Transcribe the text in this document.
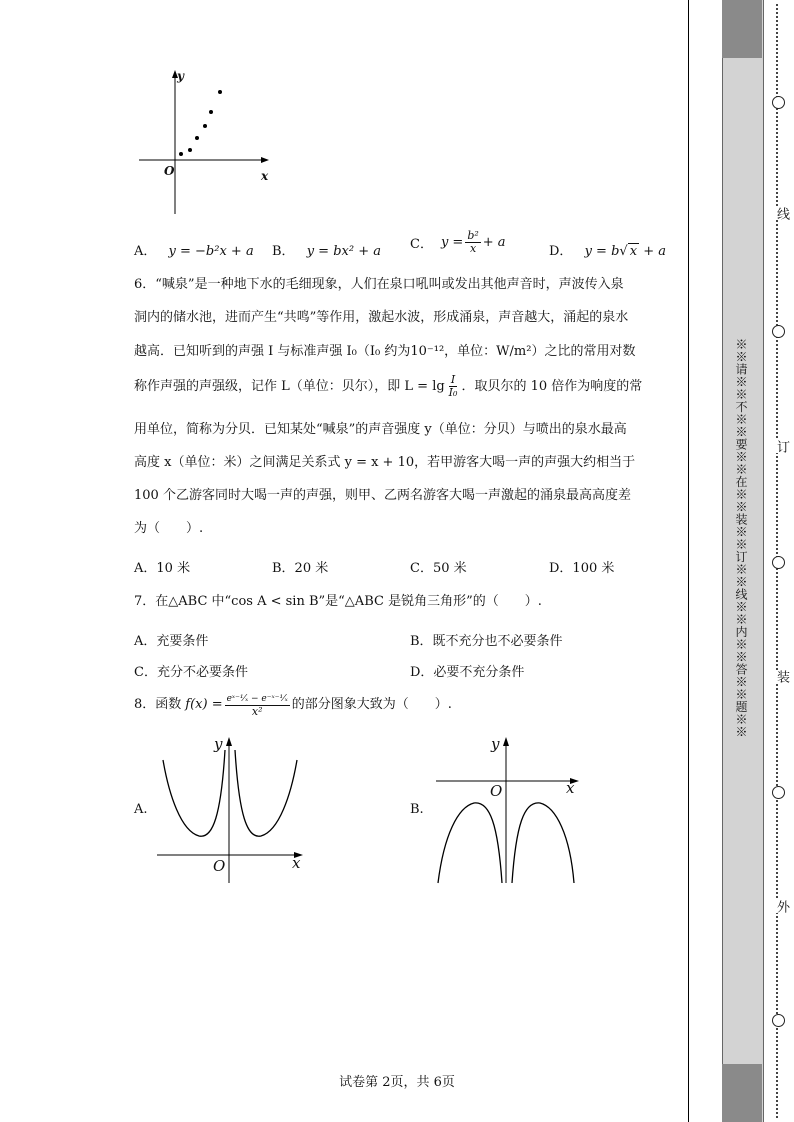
y
x
O
A． y = −b²x + a B． y = bx² + a C． $y = \frac{\text{b²}}{x} + a$
D． y = b√ x + a
6．“喊泉”是一种地下水的毛细现象，人们在泉口吼叫或发出其他声音时，声波传入泉
洞内的储水池，进而产生“共鸣”等作用，激起水波，形成涌泉，声音越大，涌起的泉水
越高．已知听到的声强 I 与标准声强 I₀（I₀ 约为10⁻¹²，单位：W/m²）之比的常用对数
称作声强的声强级，记作 L（单位：贝尔），即 $L = \lg \frac{I}{\text{I₀}}$ ．取贝尔的 10 倍作为响度的常
用单位，简称为分贝．已知某处“喊泉”的声音强度 y（单位：分贝）与喷出的泉水最高
高度 x（单位：米）之间满足关系式 y = x + 10，若甲游客大喝一声的声强大约相当于
100 个乙游客同时大喝一声的声强，则甲、乙两名游客大喝一声激起的涌泉最高高度差
为（　　）.
A．10 米	B．20 米	C．50 米	D．100 米
7．在△ABC 中“cos A < sin B”是“△ABC 是锐角三角形”的（　　）.
A．充要条件	B．既不充分也不必要条件
C．充分不必要条件	D．必要不充分条件
8．函数 $f(x) = \frac{\text{eˣ⁻¹⁄ₓ − e⁻ˣ⁻¹⁄ₓ}}{\text{x²}}$ 的部分图象大致为（　　）.
A.
y
x
O
B.
y
x
O
试卷第 2页，共 6页
※※请※※不※※要※※在※※装※※订※※线※※内※※答※※题※※
线
订
装
外
